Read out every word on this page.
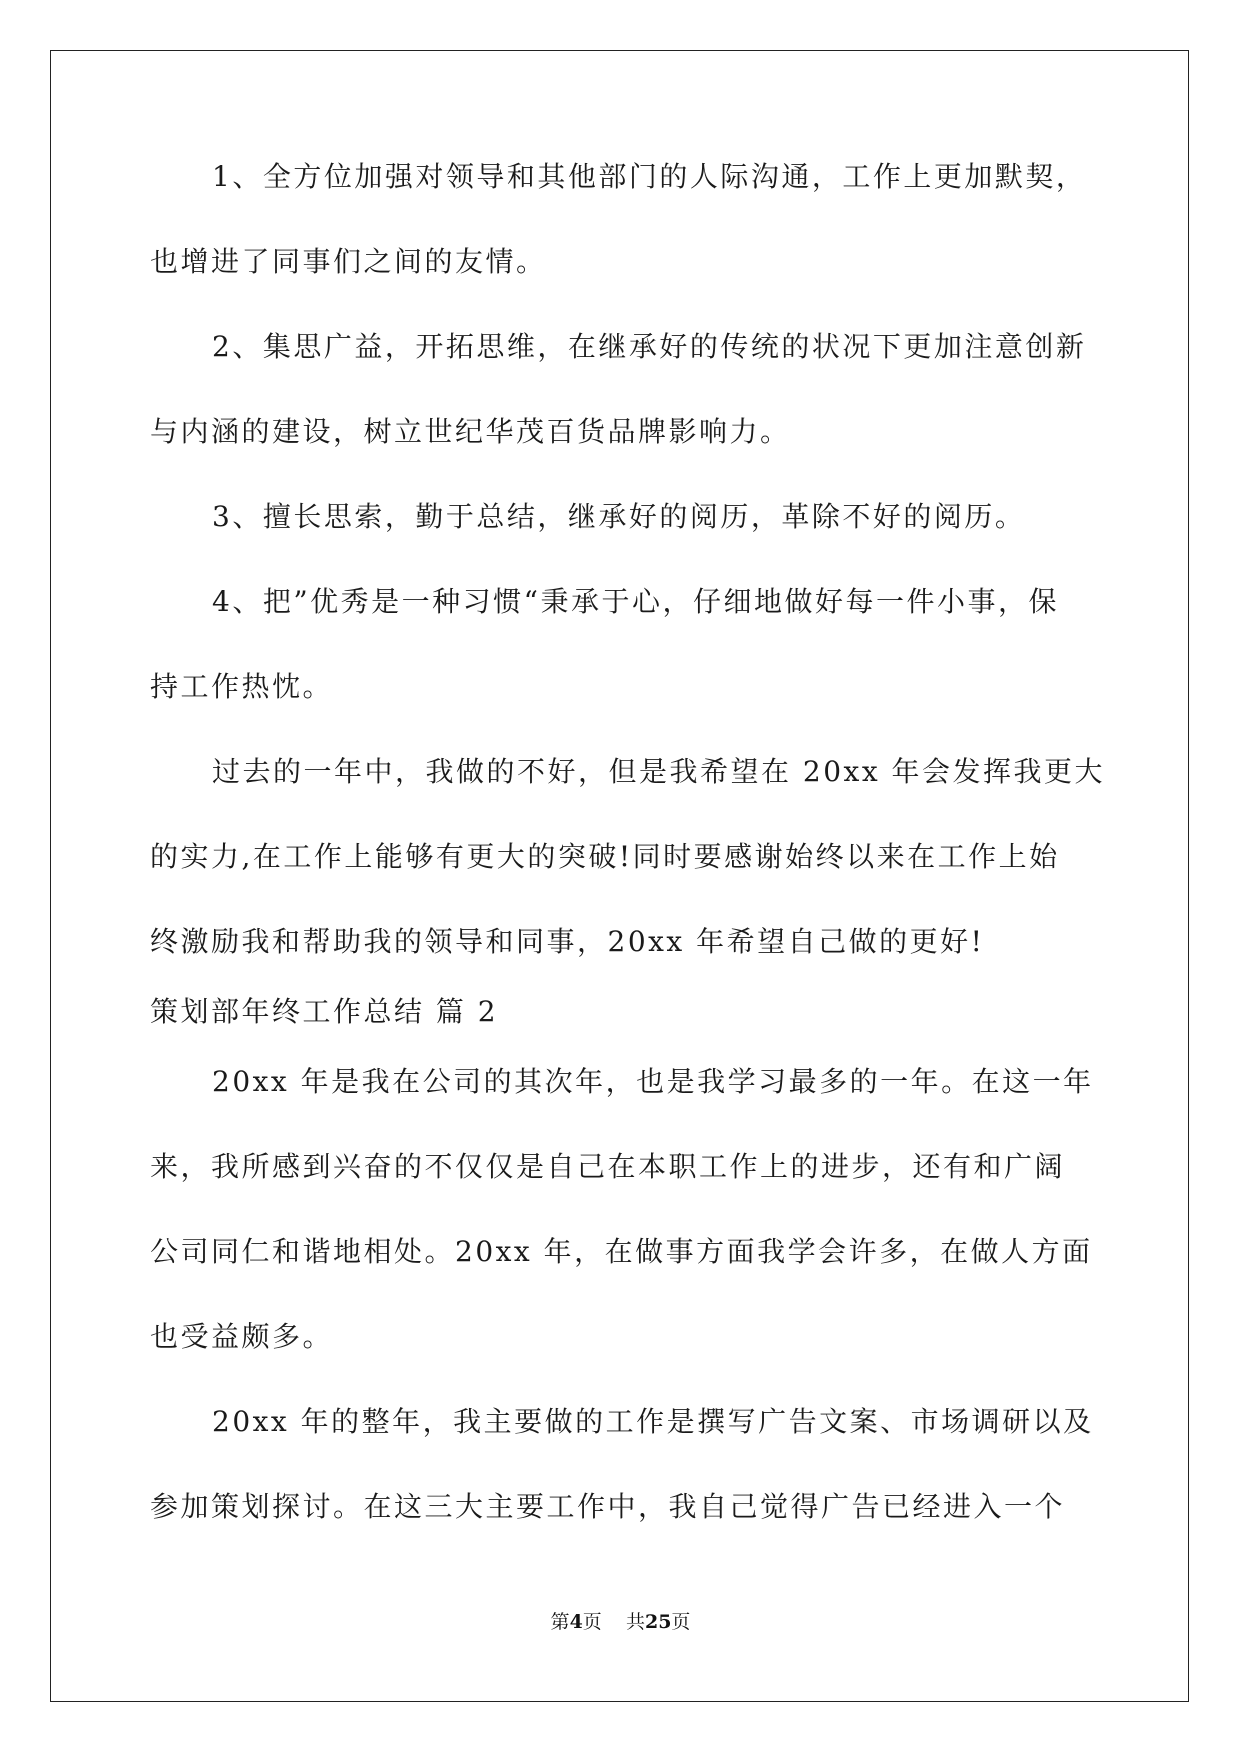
1、全方位加强对领导和其他部门的人际沟通，工作上更加默契，
也增进了同事们之间的友情。
2、集思广益，开拓思维，在继承好的传统的状况下更加注意创新
与内涵的建设，树立世纪华茂百货品牌影响力。
3、擅长思索，勤于总结，继承好的阅历，革除不好的阅历。
4、把”优秀是一种习惯“秉承于心，仔细地做好每一件小事，保
持工作热忱。
过去的一年中，我做的不好，但是我希望在 20xx 年会发挥我更大
的实力,在工作上能够有更大的突破!同时要感谢始终以来在工作上始
终激励我和帮助我的领导和同事，20xx 年希望自己做的更好!
策划部年终工作总结 篇 2
20xx 年是我在公司的其次年，也是我学习最多的一年。在这一年
来，我所感到兴奋的不仅仅是自己在本职工作上的进步，还有和广阔
公司同仁和谐地相处。20xx 年，在做事方面我学会许多，在做人方面
也受益颇多。
20xx 年的整年，我主要做的工作是撰写广告文案、市场调研以及
参加策划探讨。在这三大主要工作中，我自己觉得广告已经进入一个
第4页    共25页
